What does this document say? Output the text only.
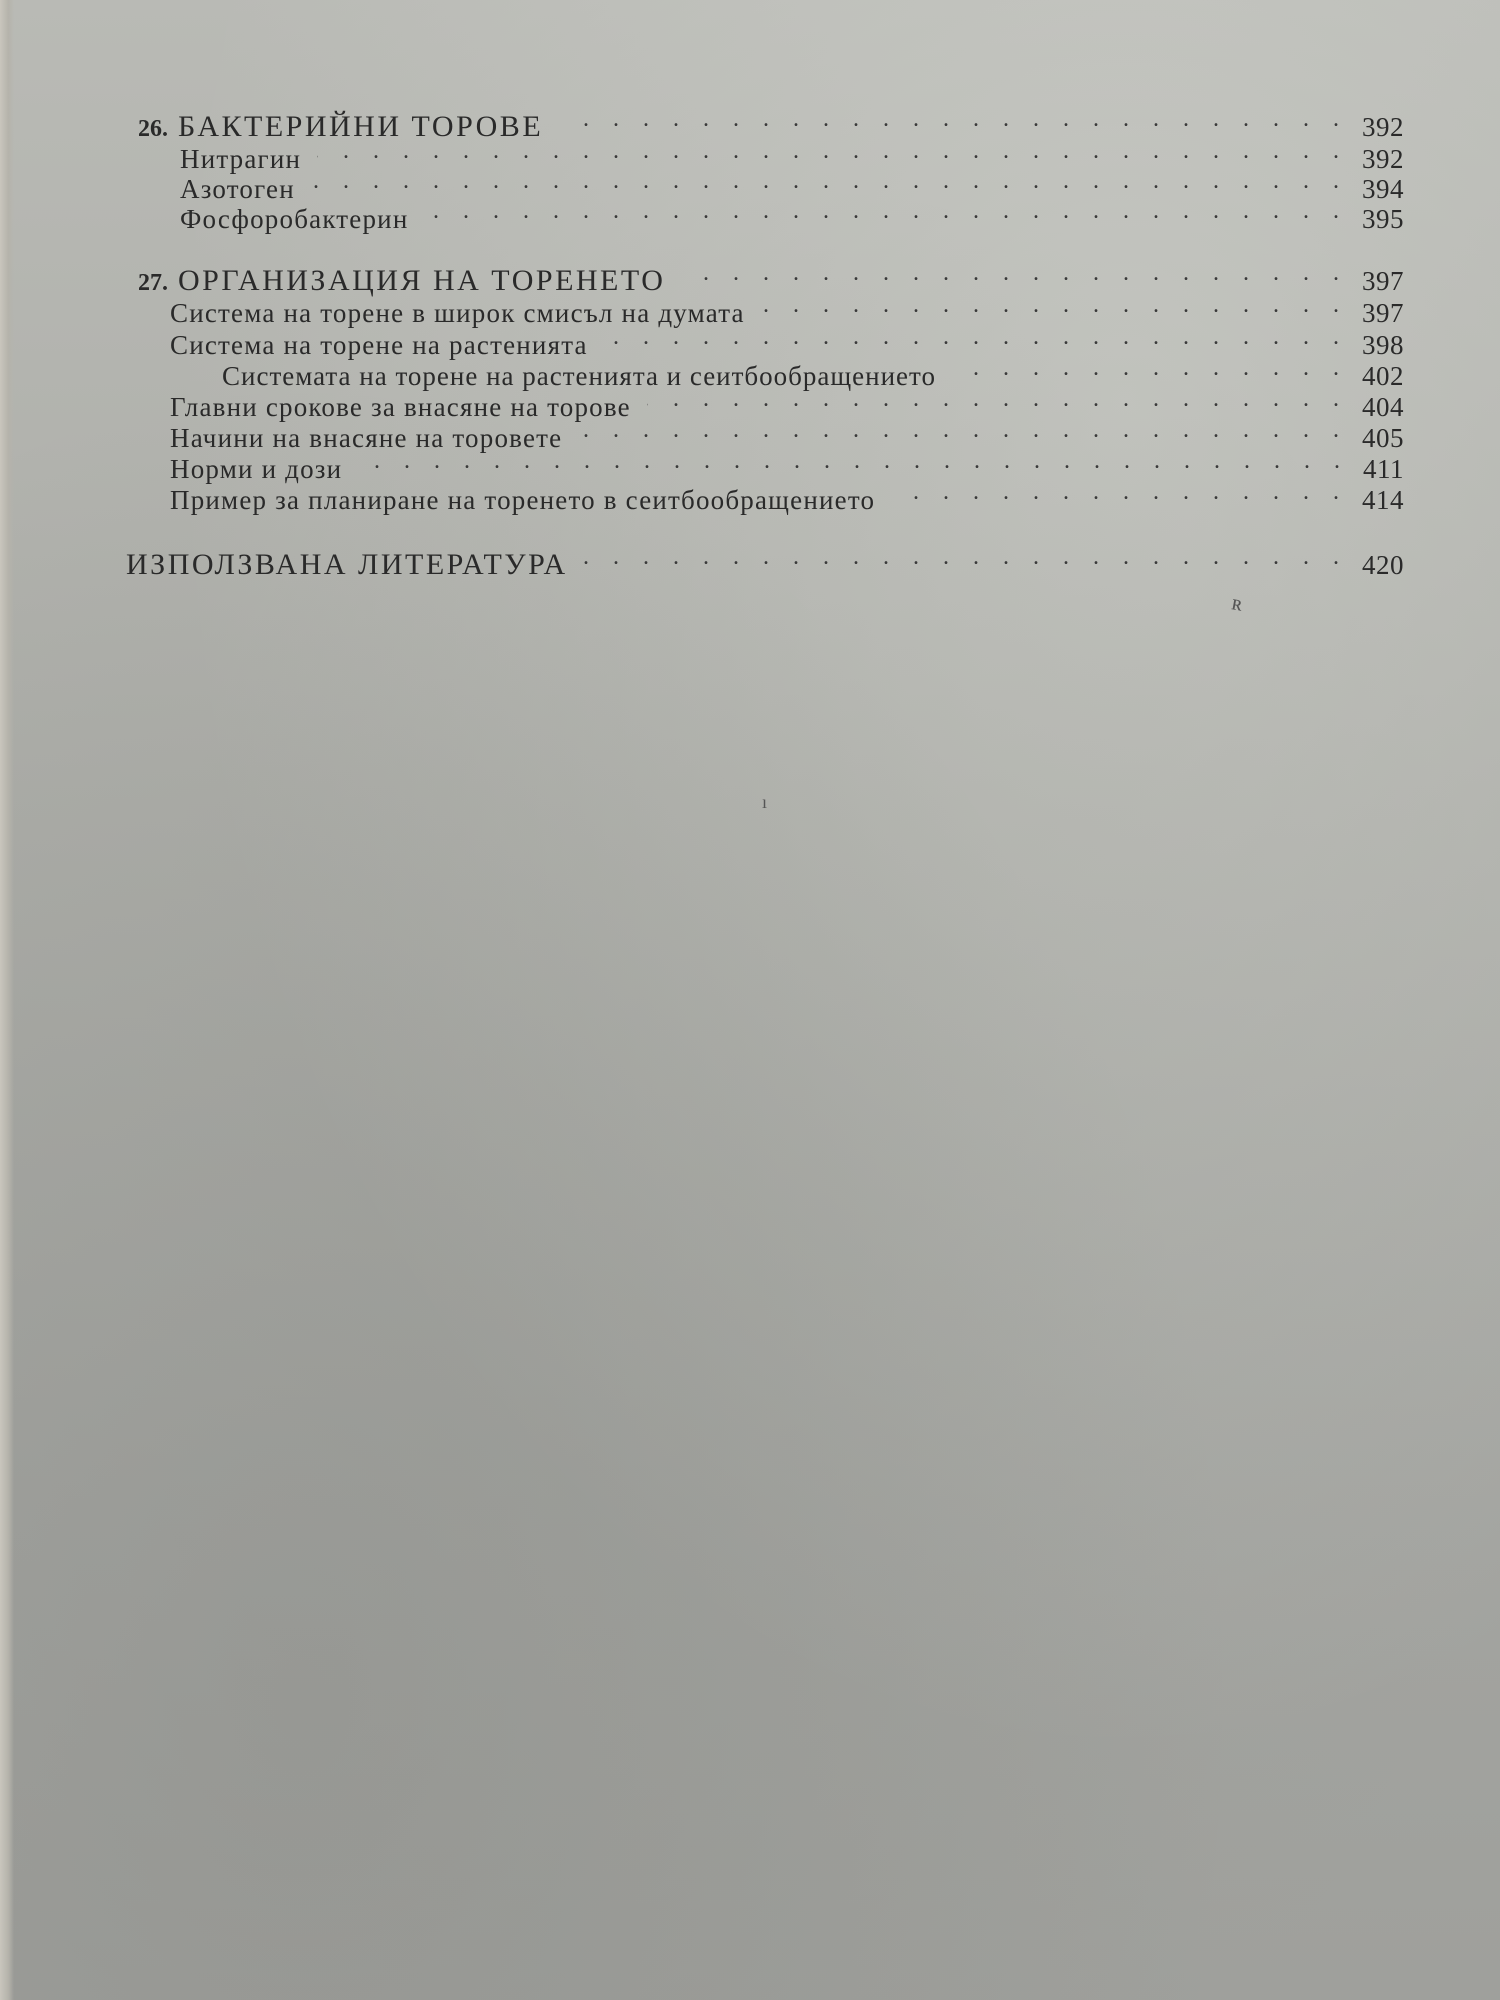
26. БАКТЕРИЙНИ ТОРОВЕ . . .	392
Нитрагин . . .	392
Азотоген . . .	394
Фосфоробактерин . . .	395
27. ОРГАНИЗАЦИЯ НА ТОРЕНЕТО . . .	397
Система на торене в широк смисъл на думата . . .	397
Система на торене на растенията . . .	398
Системата на торене на растенията и сеитбообращението . . .	402
Главни срокове за внасяне на торове . . .	404
Начини на внасяне на торовете . . .	405
Норми и дози . . .	411
Пример за планиране на торенето в сеитбообращението . . .	414
ИЗПОЛЗВАНА ЛИТЕРАТУРА . . .	420
ʀ
ı
